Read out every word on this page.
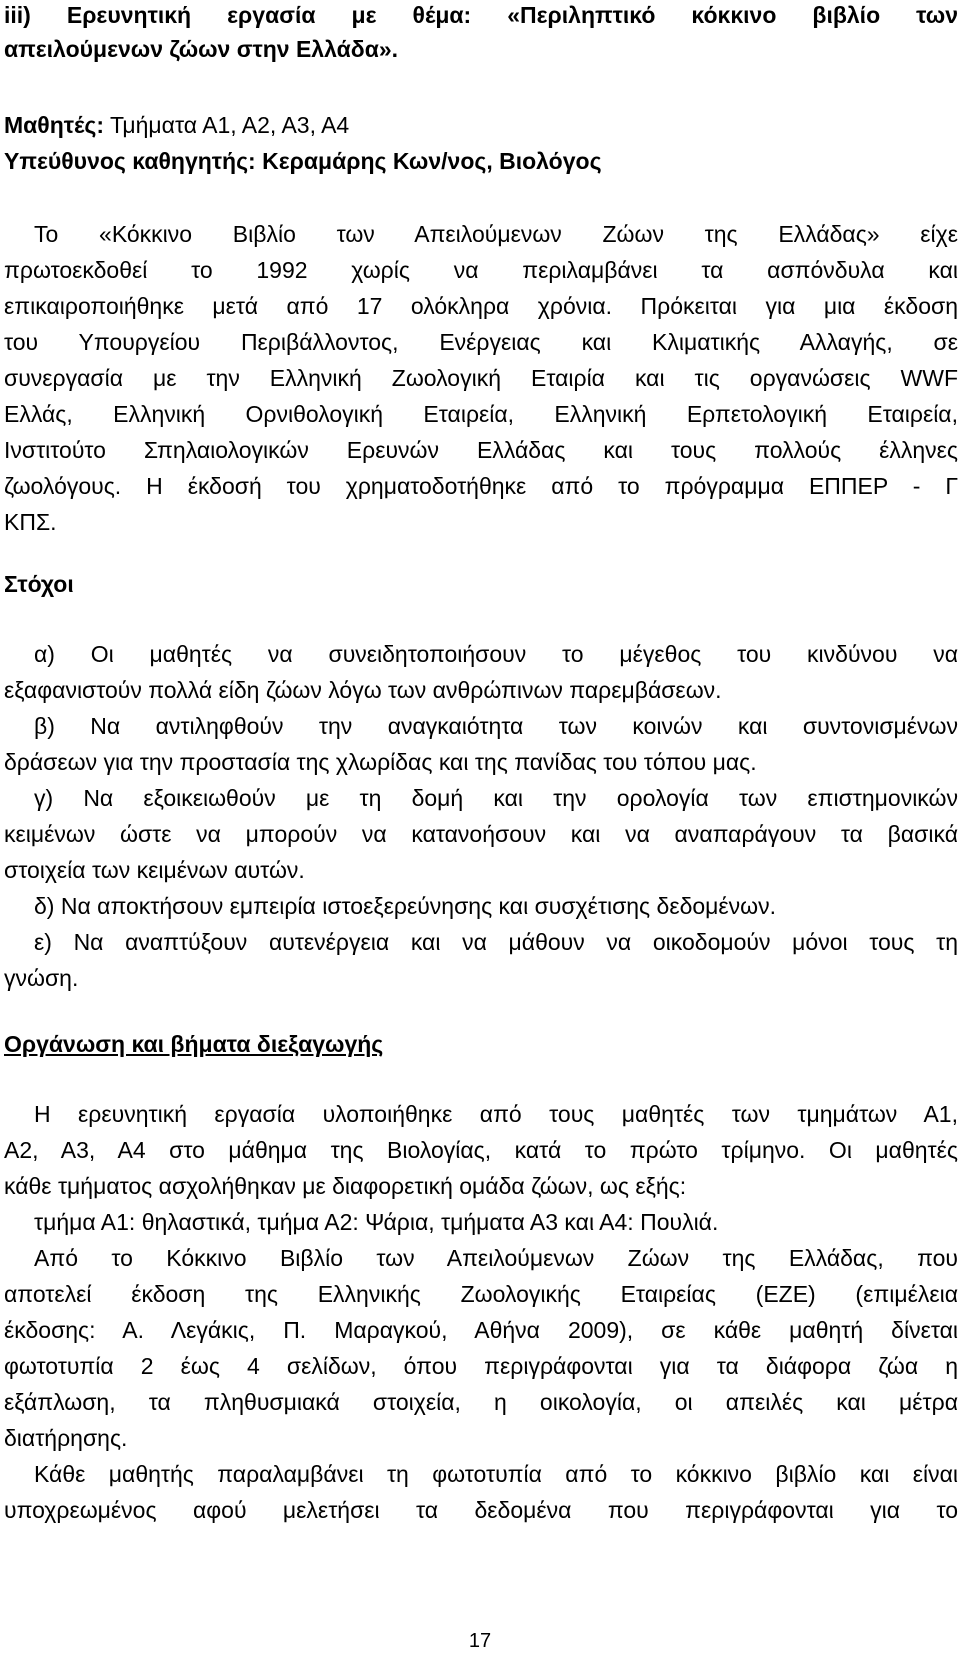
iii) Ερευνητική εργασία με θέμα: «Περιληπτικό κόκκινο βιβλίο των
απειλούμενων ζώων στην Ελλάδα».
Μαθητές: Τμήματα Α1, Α2, Α3, Α4
Υπεύθυνος καθηγητής: Κεραμάρης Κων/νος, Βιολόγος
Το «Κόκκινο Βιβλίο των Απειλούμενων Ζώων της Ελλάδας» είχε
πρωτοεκδοθεί το 1992 χωρίς να περιλαμβάνει τα ασπόνδυλα και
επικαιροποιήθηκε μετά από 17 ολόκληρα χρόνια. Πρόκειται για μια έκδοση
του Υπουργείου Περιβάλλοντος, Ενέργειας και Κλιματικής Αλλαγής, σε
συνεργασία με την Ελληνική Ζωολογική Εταιρία και τις οργανώσεις WWF
Ελλάς, Ελληνική Ορνιθολογική Εταιρεία, Ελληνική Ερπετολογική Εταιρεία,
Ινστιτούτο Σπηλαιολογικών Ερευνών Ελλάδας και τους πολλούς έλληνες
ζωολόγους. Η έκδοσή του χρηματοδοτήθηκε από το πρόγραμμα ΕΠΠΕΡ - Γ
ΚΠΣ.
Στόχοι
α) Οι μαθητές να συνειδητοποιήσουν το μέγεθος του κινδύνου να
εξαφανιστούν πολλά είδη ζώων λόγω των ανθρώπινων παρεμβάσεων.
β) Να αντιληφθούν την αναγκαιότητα των κοινών και συντονισμένων
δράσεων για την προστασία της χλωρίδας και της πανίδας του τόπου μας.
γ) Να εξοικειωθούν με τη δομή και την ορολογία των επιστημονικών
κειμένων ώστε να μπορούν να κατανοήσουν και να αναπαράγουν τα βασικά
στοιχεία των κειμένων αυτών.
δ) Να αποκτήσουν εμπειρία ιστοεξερεύνησης και συσχέτισης δεδομένων.
ε) Να αναπτύξουν αυτενέργεια και να μάθουν να οικοδομούν μόνοι τους τη
γνώση.
Οργάνωση και βήματα διεξαγωγής
Η ερευνητική εργασία υλοποιήθηκε από τους μαθητές των τμημάτων Α1,
Α2, Α3, Α4 στο μάθημα της Βιολογίας, κατά το πρώτο τρίμηνο. Οι μαθητές
κάθε τμήματος ασχολήθηκαν με διαφορετική ομάδα ζώων, ως εξής:
τμήμα Α1: θηλαστικά, τμήμα Α2: Ψάρια, τμήματα Α3 και Α4: Πουλιά.
Από το Κόκκινο Βιβλίο των Απειλούμενων Ζώων της Ελλάδας, που
αποτελεί έκδοση της Ελληνικής Ζωολογικής Εταιρείας (ΕΖΕ) (επιμέλεια
έκδοσης: Α. Λεγάκις, Π. Μαραγκού, Αθήνα 2009), σε κάθε μαθητή δίνεται
φωτοτυπία 2 έως 4 σελίδων, όπου περιγράφονται για τα διάφορα ζώα η
εξάπλωση, τα πληθυσμιακά στοιχεία, η οικολογία, οι απειλές και μέτρα
διατήρησης.
Κάθε μαθητής παραλαμβάνει τη φωτοτυπία από το κόκκινο βιβλίο και είναι
υποχρεωμένος αφού μελετήσει τα δεδομένα που περιγράφονται για το
17
